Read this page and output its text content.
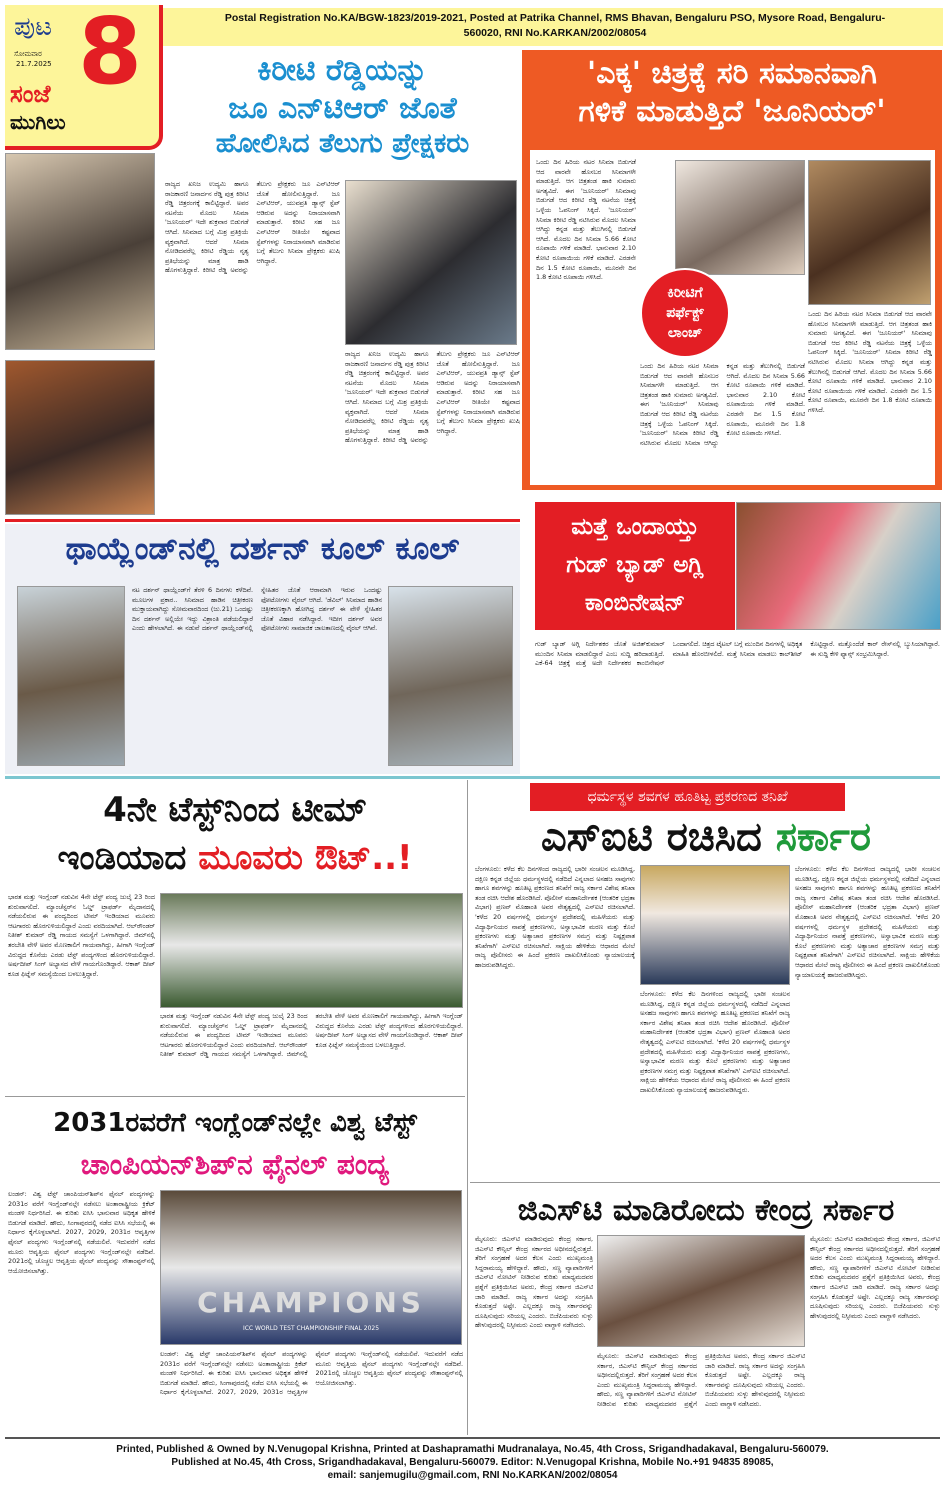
ಪುಟ 8
ಸೋಮವಾರ
21.7.2025
ಸಂಜೆ
ಮುಗಿಲು
Postal Registration No.KA/BGW-1823/2019-2021, Posted at Patrika Channel, RMS Bhavan, Bengaluru PSO, Mysore Road, Bengaluru- 560020, RNI No.KARKAN/2002/08054
ಕಿರೀಟಿ ರೆಡ್ಡಿಯನ್ನು
ಜೂ ಎನ್‌ಟಿಆರ್ ಜೊತೆ
ಹೋಲಿಸಿದ ತೆಲುಗು ಪ್ರೇಕ್ಷಕರು
ರಾಜ್ಯದ ಖನಿಜ ಉದ್ಯಮಿ ಹಾಗೂ ರಾಜಕಾರಣಿ ಜನಾರ್ದನ ರೆಡ್ಡಿ ಪುತ್ರ ಕಿರೀಟಿ ರೆಡ್ಡಿ ಚಿತ್ರರಂಗಕ್ಕೆ ಕಾಲಿಟ್ಟಿದ್ದಾರೆ. ಅವರ ನಟನೆಯ ಮೊದಲ ಸಿನಿಮಾ 'ಜೂನಿಯರ್' ಇದೇ ಶುಕ್ರವಾರ ಬಿಡುಗಡೆ ಆಗಿದೆ. ಸಿನಿಮಾದ ಬಗ್ಗೆ ಮಿಶ್ರ ಪ್ರತಿಕ್ರಿಯೆ ವ್ಯಕ್ತವಾಗಿದೆ. ಆದರೆ ಸಿನಿಮಾ ನೋಡಿದವರೆಲ್ಲ ಕಿರೀಟಿ ರೆಡ್ಡಿಯ ನೃತ್ಯ ಪ್ರತಿಭೆಯನ್ನು ಮಾತ್ರ ಹಾಡಿ ಹೊಗಳುತ್ತಿದ್ದಾರೆ. ಕಿರೀಟಿ ರೆಡ್ಡಿ ಅವರನ್ನು ತೆಲುಗು ಪ್ರೇಕ್ಷಕರು ಜೂ ಎನ್‌ಟಿಆರ್ ಜೊತೆ ಹೋಲಿಸುತ್ತಿದ್ದಾರೆ. ಜೂ ಎನ್‌ಟಿಆರ್, ಯುವಪ್ರತಿ ಡ್ಯಾನ್ಸ್ ಸ್ಟೆಪ್ ಆಡಿರುವ ಅದನ್ನು ನಿರಾಯಾಸವಾಗಿ ಮಾಡುತ್ತಾರೆ. ಕಿರೀಟಿ ಸಹ ಜೂ ಎನ್‌ಟಿಆರ್ ರೀತಿಯೇ ಕಷ್ಟವಾದ ಸ್ಟೆಪ್‌ಗಳನ್ನು ನಿರಾಯಾಸವಾಗಿ ಮಾಡಿರುವ ಬಗ್ಗೆ ತೆಲುಗು ಸಿನಿಮಾ ಪ್ರೇಕ್ಷಕರು ಖುಷಿ ಆಗಿದ್ದಾರೆ.
ರಾಜ್ಯದ ಖನಿಜ ಉದ್ಯಮಿ ಹಾಗೂ ರಾಜಕಾರಣಿ ಜನಾರ್ದನ ರೆಡ್ಡಿ ಪುತ್ರ ಕಿರೀಟಿ ರೆಡ್ಡಿ ಚಿತ್ರರಂಗಕ್ಕೆ ಕಾಲಿಟ್ಟಿದ್ದಾರೆ. ಅವರ ನಟನೆಯ ಮೊದಲ ಸಿನಿಮಾ 'ಜೂನಿಯರ್' ಇದೇ ಶುಕ್ರವಾರ ಬಿಡುಗಡೆ ಆಗಿದೆ. ಸಿನಿಮಾದ ಬಗ್ಗೆ ಮಿಶ್ರ ಪ್ರತಿಕ್ರಿಯೆ ವ್ಯಕ್ತವಾಗಿದೆ. ಆದರೆ ಸಿನಿಮಾ ನೋಡಿದವರೆಲ್ಲ ಕಿರೀಟಿ ರೆಡ್ಡಿಯ ನೃತ್ಯ ಪ್ರತಿಭೆಯನ್ನು ಮಾತ್ರ ಹಾಡಿ ಹೊಗಳುತ್ತಿದ್ದಾರೆ. ಕಿರೀಟಿ ರೆಡ್ಡಿ ಅವರನ್ನು ತೆಲುಗು ಪ್ರೇಕ್ಷಕರು ಜೂ ಎನ್‌ಟಿಆರ್ ಜೊತೆ ಹೋಲಿಸುತ್ತಿದ್ದಾರೆ. ಜೂ ಎನ್‌ಟಿಆರ್, ಯುವಪ್ರತಿ ಡ್ಯಾನ್ಸ್ ಸ್ಟೆಪ್ ಆಡಿರುವ ಅದನ್ನು ನಿರಾಯಾಸವಾಗಿ ಮಾಡುತ್ತಾರೆ. ಕಿರೀಟಿ ಸಹ ಜೂ ಎನ್‌ಟಿಆರ್ ರೀತಿಯೇ ಕಷ್ಟವಾದ ಸ್ಟೆಪ್‌ಗಳನ್ನು ನಿರಾಯಾಸವಾಗಿ ಮಾಡಿರುವ ಬಗ್ಗೆ ತೆಲುಗು ಸಿನಿಮಾ ಪ್ರೇಕ್ಷಕರು ಖುಷಿ ಆಗಿದ್ದಾರೆ.
'ಎಕ್ಕ' ಚಿತ್ರಕ್ಕೆ ಸರಿ ಸಮಾನವಾಗಿ
ಗಳಿಕೆ ಮಾಡುತ್ತಿದೆ 'ಜೂನಿಯರ್'
ಕಿರೀಟಿಗೆ ಪರ್ಫೆಕ್ಟ್ ಲಾಂಚ್
ಒಂದು ದಿನ ಹಿರಿಯ ನಟರ ಸಿನಿಮಾ ಬಿಡುಗಡೆ ಆದ ವಾರವೇ ಹೊಸಬರ ಸಿನಿಮಾಗಳೇ ಮಾಡುತ್ತಿದೆ. ಆಗ ಚಿತ್ರತಂಡ ಹಾಕಿ ಸುಮಾರು ಅಗತ್ಯವಿದೆ. ಈಗ 'ಜೂನಿಯರ್' ಸಿನಿಮಾವು ಬಿಡುಗಡೆ ಆದ ಕಿರೀಟಿ ರೆಡ್ಡಿ ನಟನೆಯ ಚಿತ್ರಕ್ಕೆ ಒಳ್ಳೆಯ ಓಪನಿಂಗ್ ಸಿಕ್ಕಿದೆ. 'ಜೂನಿಯರ್' ಸಿನಿಮಾ ಕಿರೀಟಿ ರೆಡ್ಡಿ ನಟಿಸಿರುವ ಮೊದಲ ಸಿನಿಮಾ ಆಗಿದ್ದು ಕನ್ನಡ ಮತ್ತು ತೆಲುಗಿನಲ್ಲಿ ಬಿಡುಗಡೆ ಆಗಿದೆ. ಮೊದಲ ದಿನ ಸಿನಿಮಾ 5.66 ಕೋಟಿ ರೂಪಾಯಿ ಗಳಿಕೆ ಮಾಡಿದೆ. ಭಾನುವಾರ 2.10 ಕೋಟಿ ರೂಪಾಯಿಯ ಗಳಿಕೆ ಮಾಡಿದೆ. ಎರಡನೇ ದಿನ 1.5 ಕೋಟಿ ರೂಪಾಯಿ, ಮೂರನೇ ದಿನ 1.8 ಕೋಟಿ ರೂಪಾಯಿ ಗಳಿಸಿದೆ.
ಒಂದು ದಿನ ಹಿರಿಯ ನಟರ ಸಿನಿಮಾ ಬಿಡುಗಡೆ ಆದ ವಾರವೇ ಹೊಸಬರ ಸಿನಿಮಾಗಳೇ ಮಾಡುತ್ತಿದೆ. ಆಗ ಚಿತ್ರತಂಡ ಹಾಕಿ ಸುಮಾರು ಅಗತ್ಯವಿದೆ. ಈಗ 'ಜೂನಿಯರ್' ಸಿನಿಮಾವು ಬಿಡುಗಡೆ ಆದ ಕಿರೀಟಿ ರೆಡ್ಡಿ ನಟನೆಯ ಚಿತ್ರಕ್ಕೆ ಒಳ್ಳೆಯ ಓಪನಿಂಗ್ ಸಿಕ್ಕಿದೆ. 'ಜೂನಿಯರ್' ಸಿನಿಮಾ ಕಿರೀಟಿ ರೆಡ್ಡಿ ನಟಿಸಿರುವ ಮೊದಲ ಸಿನಿಮಾ ಆಗಿದ್ದು ಕನ್ನಡ ಮತ್ತು ತೆಲುಗಿನಲ್ಲಿ ಬಿಡುಗಡೆ ಆಗಿದೆ. ಮೊದಲ ದಿನ ಸಿನಿಮಾ 5.66 ಕೋಟಿ ರೂಪಾಯಿ ಗಳಿಕೆ ಮಾಡಿದೆ. ಭಾನುವಾರ 2.10 ಕೋಟಿ ರೂಪಾಯಿಯ ಗಳಿಕೆ ಮಾಡಿದೆ. ಎರಡನೇ ದಿನ 1.5 ಕೋಟಿ ರೂಪಾಯಿ, ಮೂರನೇ ದಿನ 1.8 ಕೋಟಿ ರೂಪಾಯಿ ಗಳಿಸಿದೆ.
ಒಂದು ದಿನ ಹಿರಿಯ ನಟರ ಸಿನಿಮಾ ಬಿಡುಗಡೆ ಆದ ವಾರವೇ ಹೊಸಬರ ಸಿನಿಮಾಗಳೇ ಮಾಡುತ್ತಿದೆ. ಆಗ ಚಿತ್ರತಂಡ ಹಾಕಿ ಸುಮಾರು ಅಗತ್ಯವಿದೆ. ಈಗ 'ಜೂನಿಯರ್' ಸಿನಿಮಾವು ಬಿಡುಗಡೆ ಆದ ಕಿರೀಟಿ ರೆಡ್ಡಿ ನಟನೆಯ ಚಿತ್ರಕ್ಕೆ ಒಳ್ಳೆಯ ಓಪನಿಂಗ್ ಸಿಕ್ಕಿದೆ. 'ಜೂನಿಯರ್' ಸಿನಿಮಾ ಕಿರೀಟಿ ರೆಡ್ಡಿ ನಟಿಸಿರುವ ಮೊದಲ ಸಿನಿಮಾ ಆಗಿದ್ದು ಕನ್ನಡ ಮತ್ತು ತೆಲುಗಿನಲ್ಲಿ ಬಿಡುಗಡೆ ಆಗಿದೆ. ಮೊದಲ ದಿನ ಸಿನಿಮಾ 5.66 ಕೋಟಿ ರೂಪಾಯಿ ಗಳಿಕೆ ಮಾಡಿದೆ. ಭಾನುವಾರ 2.10 ಕೋಟಿ ರೂಪಾಯಿಯ ಗಳಿಕೆ ಮಾಡಿದೆ. ಎರಡನೇ ದಿನ 1.5 ಕೋಟಿ ರೂಪಾಯಿ, ಮೂರನೇ ದಿನ 1.8 ಕೋಟಿ ರೂಪಾಯಿ ಗಳಿಸಿದೆ.
ಥಾಯ್ಲೆಂಡ್‌ನಲ್ಲಿ ದರ್ಶನ್ ಕೂಲ್ ಕೂಲ್
ನಟ ದರ್ಶನ್ ಥಾಯ್ಲೆಂಡ್‌ಗೆ ತೆರಳಿ 6 ದಿನಗಳು ಕಳೆದಿವೆ. ಮೂಲಗಳ ಪ್ರಕಾರ.. ಸಿನಿಮಾದ ಹಾಡಿನ ಚಿತ್ರೀಕರಣ ಮುಕ್ತಾಯವಾಗಿದ್ದು ಸೋಮವಾರದಿಂದ (ಜು.21) ಒಂದಷ್ಟು ದಿನ ದರ್ಶನ್ ಅಲ್ಲಿಯೇ ಇದ್ದು ವಿಶ್ರಾಂತಿ ಪಡೆಯಲಿದ್ದಾರೆ ಎಂದು ಹೇಳಲಾಗಿದೆ. ಈ ನಡುವೆ ದರ್ಶನ್ ಥಾಯ್ಲೆಂಡ್‌ನಲ್ಲಿ ಸ್ನೇಹಿತರ ಜೊತೆ ಆರಾಮಾಗಿ ಇರುವ ಒಂದಷ್ಟು ಫೋಟೋಗಳು ವೈರಲ್ ಆಗಿದೆ. 'ಡೆವಿಲ್' ಸಿನಿಮಾದ ಹಾಡಿನ ಚಿತ್ರೀಕರಣಕ್ಕಾಗಿ ಹೋಗಿದ್ದ ದರ್ಶನ್ ಈ ವೇಳೆ ಸ್ನೇಹಿತರ ಜೊತೆ ವಿಹಾರ ನಡೆಸಿದ್ದಾರೆ. ಇದೀಗ ದರ್ಶನ್ ಅವರ ಫೋಟೋಗಳು ಸಾಮಾಜಿಕ ಜಾಲತಾಣದಲ್ಲಿ ವೈರಲ್ ಆಗಿವೆ.
ಮತ್ತೆ ಒಂದಾಯ್ತು
ಗುಡ್ ಬ್ಯಾಡ್ ಅಗ್ಲಿ
ಕಾಂಬಿನೇಷನ್
ಗುಡ್ ಬ್ಯಾಡ್ ಅಗ್ಲಿ ನಿರ್ದೇಶಕರ ಜೊತೆ ಅಜಿತ್‌ಕುಮಾರ್ ಮುಂದಿನ ಸಿನಿಮಾ ಮಾಡಲಿದ್ದಾರೆ ಎಂಬ ಸುದ್ದಿ ಹರಿದಾಡುತ್ತಿದೆ. ಎಕೆ-64 ಚಿತ್ರಕ್ಕೆ ಮತ್ತೆ ಅದೇ ನಿರ್ದೇಶಕರ ಕಾಂಬಿನೇಷನ್ ಒಂದಾಗಲಿದೆ. ಚಿತ್ರದ ಟೈಟಲ್ ಬಗ್ಗೆ ಮುಂದಿನ ದಿನಗಳಲ್ಲಿ ಅಧಿಕೃತ ಮಾಹಿತಿ ಹೊರಬೀಳಲಿದೆ. ಮತ್ತೆ ಸಿನಿಮಾ ಮಾಡಲು ಕಾಲ್‌ಶೀಟ್ ಕೊಟ್ಟಿದ್ದಾರೆ. ಮತ್ತೊಂದೆಡೆ ಕಾರ್ ರೇಸ್‌ನಲ್ಲಿ ಬ್ಯುಸಿಯಾಗಿದ್ದಾರೆ. ಈ ಸುದ್ದಿ ಕೇಳಿ ಫ್ಯಾನ್ಸ್ ಸಂಭ್ರಮಿಸಿದ್ದಾರೆ.
4ನೇ ಟೆಸ್ಟ್‌ನಿಂದ ಟೀಮ್
ಇಂಡಿಯಾದ ಮೂವರು ಔಟ್..!
ಭಾರತ ಮತ್ತು ಇಂಗ್ಲೆಂಡ್ ನಡುವಿನ 4ನೇ ಟೆಸ್ಟ್ ಪಂದ್ಯ ಜುಲೈ 23 ರಿಂದ ಶುರುವಾಗಲಿದೆ. ಮ್ಯಾಂಚೆಸ್ಟರ್‌ನ ಓಲ್ಡ್ ಟ್ರಾಫರ್ಡ್ ಮೈದಾನದಲ್ಲಿ ನಡೆಯಲಿರುವ ಈ ಪಂದ್ಯದಿಂದ ಟೀಮ್ ಇಂಡಿಯಾದ ಮೂವರು ಆಟಗಾರರು ಹೊರಗುಳಿಯಲಿದ್ದಾರೆ ಎಂದು ವರದಿಯಾಗಿದೆ. ಆಲ್‌ರೌಂಡರ್ ನಿತೀಶ್ ಕುಮಾರ್ ರೆಡ್ಡಿ ಗಾಯದ ಸಮಸ್ಯೆಗೆ ಒಳಗಾಗಿದ್ದಾರೆ. ಜಿಮ್‌ನಲ್ಲಿ ತರಬೇತಿ ವೇಳೆ ಅವರ ಮೊಣಕಾಲಿಗೆ ಗಾಯವಾಗಿದ್ದು, ಹೀಗಾಗಿ ಇಂಗ್ಲೆಂಡ್ ವಿರುದ್ಧದ ಕೊನೆಯ ಎರಡು ಟೆಸ್ಟ್ ಪಂದ್ಯಗಳಿಂದ ಹೊರಗುಳಿಯಲಿದ್ದಾರೆ. ಅರ್ಷದೀಪ್ ಸಿಂಗ್ ಅಭ್ಯಾಸದ ವೇಳೆ ಗಾಯಗೊಂಡಿದ್ದಾರೆ. ಆಕಾಶ್ ದೀಪ್ ಕೂಡ ಫಿಟ್ನೆಸ್ ಸಮಸ್ಯೆಯಿಂದ ಬಳಲುತ್ತಿದ್ದಾರೆ.
ಭಾರತ ಮತ್ತು ಇಂಗ್ಲೆಂಡ್ ನಡುವಿನ 4ನೇ ಟೆಸ್ಟ್ ಪಂದ್ಯ ಜುಲೈ 23 ರಿಂದ ಶುರುವಾಗಲಿದೆ. ಮ್ಯಾಂಚೆಸ್ಟರ್‌ನ ಓಲ್ಡ್ ಟ್ರಾಫರ್ಡ್ ಮೈದಾನದಲ್ಲಿ ನಡೆಯಲಿರುವ ಈ ಪಂದ್ಯದಿಂದ ಟೀಮ್ ಇಂಡಿಯಾದ ಮೂವರು ಆಟಗಾರರು ಹೊರಗುಳಿಯಲಿದ್ದಾರೆ ಎಂದು ವರದಿಯಾಗಿದೆ. ಆಲ್‌ರೌಂಡರ್ ನಿತೀಶ್ ಕುಮಾರ್ ರೆಡ್ಡಿ ಗಾಯದ ಸಮಸ್ಯೆಗೆ ಒಳಗಾಗಿದ್ದಾರೆ. ಜಿಮ್‌ನಲ್ಲಿ ತರಬೇತಿ ವೇಳೆ ಅವರ ಮೊಣಕಾಲಿಗೆ ಗಾಯವಾಗಿದ್ದು, ಹೀಗಾಗಿ ಇಂಗ್ಲೆಂಡ್ ವಿರುದ್ಧದ ಕೊನೆಯ ಎರಡು ಟೆಸ್ಟ್ ಪಂದ್ಯಗಳಿಂದ ಹೊರಗುಳಿಯಲಿದ್ದಾರೆ. ಅರ್ಷದೀಪ್ ಸಿಂಗ್ ಅಭ್ಯಾಸದ ವೇಳೆ ಗಾಯಗೊಂಡಿದ್ದಾರೆ. ಆಕಾಶ್ ದೀಪ್ ಕೂಡ ಫಿಟ್ನೆಸ್ ಸಮಸ್ಯೆಯಿಂದ ಬಳಲುತ್ತಿದ್ದಾರೆ.
2031ರವರೆಗೆ ಇಂಗ್ಲೆಂಡ್‌ನಲ್ಲೇ ವಿಶ್ವ ಟೆಸ್ಟ್
ಚಾಂಪಿಯನ್‌ಶಿಪ್‌ನ ಫೈನಲ್ ಪಂದ್ಯ
CHAMPIONS
ICC WORLD TEST CHAMPIONSHIP FINAL 2025
ಲಂಡನ್: ವಿಶ್ವ ಟೆಸ್ಟ್ ಚಾಂಪಿಯನ್‌ಶಿಪ್‌ನ ಫೈನಲ್ ಪಂದ್ಯಗಳನ್ನು 2031ರ ವರೆಗೆ ಇಂಗ್ಲೆಂಡ್‌ನಲ್ಲೇ ನಡೆಸಲು ಅಂತಾರಾಷ್ಟ್ರೀಯ ಕ್ರಿಕೆಟ್ ಮಂಡಳಿ ನಿರ್ಧರಿಸಿದೆ. ಈ ಕುರಿತು ಐಸಿಸಿ ಭಾನುವಾರ ಅಧಿಕೃತ ಹೇಳಿಕೆ ಬಿಡುಗಡೆ ಮಾಡಿದೆ. ಹೌದು, ಸಿಂಗಾಪುರದಲ್ಲಿ ನಡೆದ ಐಸಿಸಿ ಸಭೆಯಲ್ಲಿ ಈ ನಿರ್ಧಾರ ಕೈಗೊಳ್ಳಲಾಗಿದೆ. 2027, 2029, 2031ರ ಆವೃತ್ತಿಗಳ ಫೈನಲ್ ಪಂದ್ಯಗಳು ಇಂಗ್ಲೆಂಡ್‌ನಲ್ಲಿ ನಡೆಯಲಿವೆ. ಇದುವರೆಗೆ ನಡೆದ ಮೂರು ಆವೃತ್ತಿಯ ಫೈನಲ್ ಪಂದ್ಯಗಳು ಇಂಗ್ಲೆಂಡ್‌ನಲ್ಲೇ ನಡೆದಿವೆ. 2021ರಲ್ಲಿ ಚೊಚ್ಚಲ ಆವೃತ್ತಿಯ ಫೈನಲ್ ಪಂದ್ಯವನ್ನು ಸೌತಾಂಪ್ಟನ್‌ನಲ್ಲಿ ಆಯೋಜಿಸಲಾಗಿತ್ತು.
ಲಂಡನ್: ವಿಶ್ವ ಟೆಸ್ಟ್ ಚಾಂಪಿಯನ್‌ಶಿಪ್‌ನ ಫೈನಲ್ ಪಂದ್ಯಗಳನ್ನು 2031ರ ವರೆಗೆ ಇಂಗ್ಲೆಂಡ್‌ನಲ್ಲೇ ನಡೆಸಲು ಅಂತಾರಾಷ್ಟ್ರೀಯ ಕ್ರಿಕೆಟ್ ಮಂಡಳಿ ನಿರ್ಧರಿಸಿದೆ. ಈ ಕುರಿತು ಐಸಿಸಿ ಭಾನುವಾರ ಅಧಿಕೃತ ಹೇಳಿಕೆ ಬಿಡುಗಡೆ ಮಾಡಿದೆ. ಹೌದು, ಸಿಂಗಾಪುರದಲ್ಲಿ ನಡೆದ ಐಸಿಸಿ ಸಭೆಯಲ್ಲಿ ಈ ನಿರ್ಧಾರ ಕೈಗೊಳ್ಳಲಾಗಿದೆ. 2027, 2029, 2031ರ ಆವೃತ್ತಿಗಳ ಫೈನಲ್ ಪಂದ್ಯಗಳು ಇಂಗ್ಲೆಂಡ್‌ನಲ್ಲಿ ನಡೆಯಲಿವೆ. ಇದುವರೆಗೆ ನಡೆದ ಮೂರು ಆವೃತ್ತಿಯ ಫೈನಲ್ ಪಂದ್ಯಗಳು ಇಂಗ್ಲೆಂಡ್‌ನಲ್ಲೇ ನಡೆದಿವೆ. 2021ರಲ್ಲಿ ಚೊಚ್ಚಲ ಆವೃತ್ತಿಯ ಫೈನಲ್ ಪಂದ್ಯವನ್ನು ಸೌತಾಂಪ್ಟನ್‌ನಲ್ಲಿ ಆಯೋಜಿಸಲಾಗಿತ್ತು.
ಧರ್ಮಸ್ಥಳ ಶವಗಳ ಹೂತಿಟ್ಟ ಪ್ರಕರಣದ ತನಿಖೆ
ಎಸ್‌ಐಟಿ ರಚಿಸಿದ ಸರ್ಕಾರ
ಬೆಂಗಳೂರು: ಕಳೆದ ಕೆಲ ದಿನಗಳಿಂದ ರಾಜ್ಯದಲ್ಲಿ ಭಾರೀ ಸಂಚಲನ ಮೂಡಿಸಿದ್ದ, ದಕ್ಷಿಣ ಕನ್ನಡ ಜಿಲ್ಲೆಯ ಧರ್ಮಸ್ಥಳದಲ್ಲಿ ನಡೆದಿದೆ ಎನ್ನಲಾದ ಅಸಹಜ ಸಾವುಗಳು ಹಾಗೂ ಶವಗಳನ್ನು ಹೂತಿಟ್ಟ ಪ್ರಕರಣದ ತನಿಖೆಗೆ ರಾಜ್ಯ ಸರ್ಕಾರ ವಿಶೇಷ ತನಿಖಾ ತಂಡ ರಚಿಸಿ ಆದೇಶ ಹೊರಡಿಸಿದೆ. ಪೊಲೀಸ್ ಮಹಾನಿರ್ದೇಶಕ (ಆಂತರಿಕ ಭದ್ರತಾ ವಿಭಾಗ) ಪ್ರಣವ್ ಮೊಹಾಂತಿ ಅವರ ನೇತೃತ್ವದಲ್ಲಿ ಎಸ್‌ಐಟಿ ರಚಿಸಲಾಗಿದೆ. 'ಕಳೆದ 20 ವರ್ಷಗಳಲ್ಲಿ ಧರ್ಮಸ್ಥಳ ಪ್ರದೇಶದಲ್ಲಿ ಮಹಿಳೆಯರು ಮತ್ತು ವಿದ್ಯಾರ್ಥಿನಿಯರ ನಾಪತ್ತೆ ಪ್ರಕರಣಗಳು, ಅಸ್ವಾಭಾವಿಕ ಮರಣ ಮತ್ತು ಕೊಲೆ ಪ್ರಕರಣಗಳು ಮತ್ತು ಅತ್ಯಾಚಾರ ಪ್ರಕರಣಗಳ ಸಮಗ್ರ ಮತ್ತು ನಿಷ್ಪಕ್ಷಪಾತ ತನಿಖೆಗಾಗಿ' ಎಸ್‌ಐಟಿ ರಚಿಸಲಾಗಿದೆ. ಸಾಕ್ಷಿಯ ಹೇಳಿಕೆಯ ಆಧಾರದ ಮೇಲೆ ರಾಜ್ಯ ಪೊಲೀಸರು ಈ ಹಿಂದೆ ಪ್ರಕರಣ ದಾಖಲಿಸಿಕೊಂಡು ನ್ಯಾಯಾಲಯಕ್ಕೆ ಹಾಜರುಪಡಿಸಿದ್ದರು.
ಬೆಂಗಳೂರು: ಕಳೆದ ಕೆಲ ದಿನಗಳಿಂದ ರಾಜ್ಯದಲ್ಲಿ ಭಾರೀ ಸಂಚಲನ ಮೂಡಿಸಿದ್ದ, ದಕ್ಷಿಣ ಕನ್ನಡ ಜಿಲ್ಲೆಯ ಧರ್ಮಸ್ಥಳದಲ್ಲಿ ನಡೆದಿದೆ ಎನ್ನಲಾದ ಅಸಹಜ ಸಾವುಗಳು ಹಾಗೂ ಶವಗಳನ್ನು ಹೂತಿಟ್ಟ ಪ್ರಕರಣದ ತನಿಖೆಗೆ ರಾಜ್ಯ ಸರ್ಕಾರ ವಿಶೇಷ ತನಿಖಾ ತಂಡ ರಚಿಸಿ ಆದೇಶ ಹೊರಡಿಸಿದೆ. ಪೊಲೀಸ್ ಮಹಾನಿರ್ದೇಶಕ (ಆಂತರಿಕ ಭದ್ರತಾ ವಿಭಾಗ) ಪ್ರಣವ್ ಮೊಹಾಂತಿ ಅವರ ನೇತೃತ್ವದಲ್ಲಿ ಎಸ್‌ಐಟಿ ರಚಿಸಲಾಗಿದೆ. 'ಕಳೆದ 20 ವರ್ಷಗಳಲ್ಲಿ ಧರ್ಮಸ್ಥಳ ಪ್ರದೇಶದಲ್ಲಿ ಮಹಿಳೆಯರು ಮತ್ತು ವಿದ್ಯಾರ್ಥಿನಿಯರ ನಾಪತ್ತೆ ಪ್ರಕರಣಗಳು, ಅಸ್ವಾಭಾವಿಕ ಮರಣ ಮತ್ತು ಕೊಲೆ ಪ್ರಕರಣಗಳು ಮತ್ತು ಅತ್ಯಾಚಾರ ಪ್ರಕರಣಗಳ ಸಮಗ್ರ ಮತ್ತು ನಿಷ್ಪಕ್ಷಪಾತ ತನಿಖೆಗಾಗಿ' ಎಸ್‌ಐಟಿ ರಚಿಸಲಾಗಿದೆ. ಸಾಕ್ಷಿಯ ಹೇಳಿಕೆಯ ಆಧಾರದ ಮೇಲೆ ರಾಜ್ಯ ಪೊಲೀಸರು ಈ ಹಿಂದೆ ಪ್ರಕರಣ ದಾಖಲಿಸಿಕೊಂಡು ನ್ಯಾಯಾಲಯಕ್ಕೆ ಹಾಜರುಪಡಿಸಿದ್ದರು.
ಬೆಂಗಳೂರು: ಕಳೆದ ಕೆಲ ದಿನಗಳಿಂದ ರಾಜ್ಯದಲ್ಲಿ ಭಾರೀ ಸಂಚಲನ ಮೂಡಿಸಿದ್ದ, ದಕ್ಷಿಣ ಕನ್ನಡ ಜಿಲ್ಲೆಯ ಧರ್ಮಸ್ಥಳದಲ್ಲಿ ನಡೆದಿದೆ ಎನ್ನಲಾದ ಅಸಹಜ ಸಾವುಗಳು ಹಾಗೂ ಶವಗಳನ್ನು ಹೂತಿಟ್ಟ ಪ್ರಕರಣದ ತನಿಖೆಗೆ ರಾಜ್ಯ ಸರ್ಕಾರ ವಿಶೇಷ ತನಿಖಾ ತಂಡ ರಚಿಸಿ ಆದೇಶ ಹೊರಡಿಸಿದೆ. ಪೊಲೀಸ್ ಮಹಾನಿರ್ದೇಶಕ (ಆಂತರಿಕ ಭದ್ರತಾ ವಿಭಾಗ) ಪ್ರಣವ್ ಮೊಹಾಂತಿ ಅವರ ನೇತೃತ್ವದಲ್ಲಿ ಎಸ್‌ಐಟಿ ರಚಿಸಲಾಗಿದೆ. 'ಕಳೆದ 20 ವರ್ಷಗಳಲ್ಲಿ ಧರ್ಮಸ್ಥಳ ಪ್ರದೇಶದಲ್ಲಿ ಮಹಿಳೆಯರು ಮತ್ತು ವಿದ್ಯಾರ್ಥಿನಿಯರ ನಾಪತ್ತೆ ಪ್ರಕರಣಗಳು, ಅಸ್ವಾಭಾವಿಕ ಮರಣ ಮತ್ತು ಕೊಲೆ ಪ್ರಕರಣಗಳು ಮತ್ತು ಅತ್ಯಾಚಾರ ಪ್ರಕರಣಗಳ ಸಮಗ್ರ ಮತ್ತು ನಿಷ್ಪಕ್ಷಪಾತ ತನಿಖೆಗಾಗಿ' ಎಸ್‌ಐಟಿ ರಚಿಸಲಾಗಿದೆ. ಸಾಕ್ಷಿಯ ಹೇಳಿಕೆಯ ಆಧಾರದ ಮೇಲೆ ರಾಜ್ಯ ಪೊಲೀಸರು ಈ ಹಿಂದೆ ಪ್ರಕರಣ ದಾಖಲಿಸಿಕೊಂಡು ನ್ಯಾಯಾಲಯಕ್ಕೆ ಹಾಜರುಪಡಿಸಿದ್ದರು.
ಜಿಎಸ್‌ಟಿ ಮಾಡಿರೋದು ಕೇಂದ್ರ ಸರ್ಕಾರ
ಮೈಸೂರು: ಜಿಎಸ್‌ಟಿ ಮಾಡಿರುವುದು ಕೇಂದ್ರ ಸರ್ಕಾರ, ಜಿಎಸ್‌ಟಿ ಕೌನ್ಸಿಲ್ ಕೇಂದ್ರ ಸರ್ಕಾರದ ಅಧೀನದಲ್ಲಿರುತ್ತದೆ. ತೆರಿಗೆ ಸಂಗ್ರಹಣೆ ಅದರ ಕೆಲಸ ಎಂದು ಮುಖ್ಯಮಂತ್ರಿ ಸಿದ್ದರಾಮಯ್ಯ ಹೇಳಿದ್ದಾರೆ. ಹೌದು, ಸಣ್ಣ ವ್ಯಾಪಾರಿಗಳಿಗೆ ಜಿಎಸ್‌ಟಿ ನೋಟಿಸ್ ನೀಡಿರುವ ಕುರಿತು ಮಾಧ್ಯಮದವರ ಪ್ರಶ್ನೆಗೆ ಪ್ರತಿಕ್ರಿಯಿಸಿದ ಅವರು, ಕೇಂದ್ರ ಸರ್ಕಾರ ಜಿಎಸ್‌ಟಿ ಜಾರಿ ಮಾಡಿದೆ. ರಾಜ್ಯ ಸರ್ಕಾರ ಅದನ್ನು ಸಂಗ್ರಹಿಸಿ ಕೊಡುತ್ತದೆ ಅಷ್ಟೇ. ಎಲ್ಲದಕ್ಕೂ ರಾಜ್ಯ ಸರ್ಕಾರವನ್ನು ದೂಷಿಸುವುದು ಸರಿಯಲ್ಲ ಎಂದರು. ಬಿಜೆಪಿಯವರು ಸುಳ್ಳು ಹೇಳುವುದರಲ್ಲಿ ನಿಸ್ಸೀಮರು ಎಂದು ವಾಗ್ದಾಳಿ ನಡೆಸಿದರು.
ಮೈಸೂರು: ಜಿಎಸ್‌ಟಿ ಮಾಡಿರುವುದು ಕೇಂದ್ರ ಸರ್ಕಾರ, ಜಿಎಸ್‌ಟಿ ಕೌನ್ಸಿಲ್ ಕೇಂದ್ರ ಸರ್ಕಾರದ ಅಧೀನದಲ್ಲಿರುತ್ತದೆ. ತೆರಿಗೆ ಸಂಗ್ರಹಣೆ ಅದರ ಕೆಲಸ ಎಂದು ಮುಖ್ಯಮಂತ್ರಿ ಸಿದ್ದರಾಮಯ್ಯ ಹೇಳಿದ್ದಾರೆ. ಹೌದು, ಸಣ್ಣ ವ್ಯಾಪಾರಿಗಳಿಗೆ ಜಿಎಸ್‌ಟಿ ನೋಟಿಸ್ ನೀಡಿರುವ ಕುರಿತು ಮಾಧ್ಯಮದವರ ಪ್ರಶ್ನೆಗೆ ಪ್ರತಿಕ್ರಿಯಿಸಿದ ಅವರು, ಕೇಂದ್ರ ಸರ್ಕಾರ ಜಿಎಸ್‌ಟಿ ಜಾರಿ ಮಾಡಿದೆ. ರಾಜ್ಯ ಸರ್ಕಾರ ಅದನ್ನು ಸಂಗ್ರಹಿಸಿ ಕೊಡುತ್ತದೆ ಅಷ್ಟೇ. ಎಲ್ಲದಕ್ಕೂ ರಾಜ್ಯ ಸರ್ಕಾರವನ್ನು ದೂಷಿಸುವುದು ಸರಿಯಲ್ಲ ಎಂದರು. ಬಿಜೆಪಿಯವರು ಸುಳ್ಳು ಹೇಳುವುದರಲ್ಲಿ ನಿಸ್ಸೀಮರು ಎಂದು ವಾಗ್ದಾಳಿ ನಡೆಸಿದರು.
ಮೈಸೂರು: ಜಿಎಸ್‌ಟಿ ಮಾಡಿರುವುದು ಕೇಂದ್ರ ಸರ್ಕಾರ, ಜಿಎಸ್‌ಟಿ ಕೌನ್ಸಿಲ್ ಕೇಂದ್ರ ಸರ್ಕಾರದ ಅಧೀನದಲ್ಲಿರುತ್ತದೆ. ತೆರಿಗೆ ಸಂಗ್ರಹಣೆ ಅದರ ಕೆಲಸ ಎಂದು ಮುಖ್ಯಮಂತ್ರಿ ಸಿದ್ದರಾಮಯ್ಯ ಹೇಳಿದ್ದಾರೆ. ಹೌದು, ಸಣ್ಣ ವ್ಯಾಪಾರಿಗಳಿಗೆ ಜಿಎಸ್‌ಟಿ ನೋಟಿಸ್ ನೀಡಿರುವ ಕುರಿತು ಮಾಧ್ಯಮದವರ ಪ್ರಶ್ನೆಗೆ ಪ್ರತಿಕ್ರಿಯಿಸಿದ ಅವರು, ಕೇಂದ್ರ ಸರ್ಕಾರ ಜಿಎಸ್‌ಟಿ ಜಾರಿ ಮಾಡಿದೆ. ರಾಜ್ಯ ಸರ್ಕಾರ ಅದನ್ನು ಸಂಗ್ರಹಿಸಿ ಕೊಡುತ್ತದೆ ಅಷ್ಟೇ. ಎಲ್ಲದಕ್ಕೂ ರಾಜ್ಯ ಸರ್ಕಾರವನ್ನು ದೂಷಿಸುವುದು ಸರಿಯಲ್ಲ ಎಂದರು. ಬಿಜೆಪಿಯವರು ಸುಳ್ಳು ಹೇಳುವುದರಲ್ಲಿ ನಿಸ್ಸೀಮರು ಎಂದು ವಾಗ್ದಾಳಿ ನಡೆಸಿದರು.
Printed, Published & Owned by N.Venugopal Krishna, Printed at Dashapramathi Mudranalaya, No.45, 4th Cross, Srigandhadakaval, Bengaluru-560079.
Published at No.45, 4th Cross, Srigandhadakaval, Bengaluru-560079. Editor: N.Venugopal Krishna, Mobile No.+91 94835 89085,
email: sanjemugilu@gmail.com, RNI No.KARKAN/2002/08054
